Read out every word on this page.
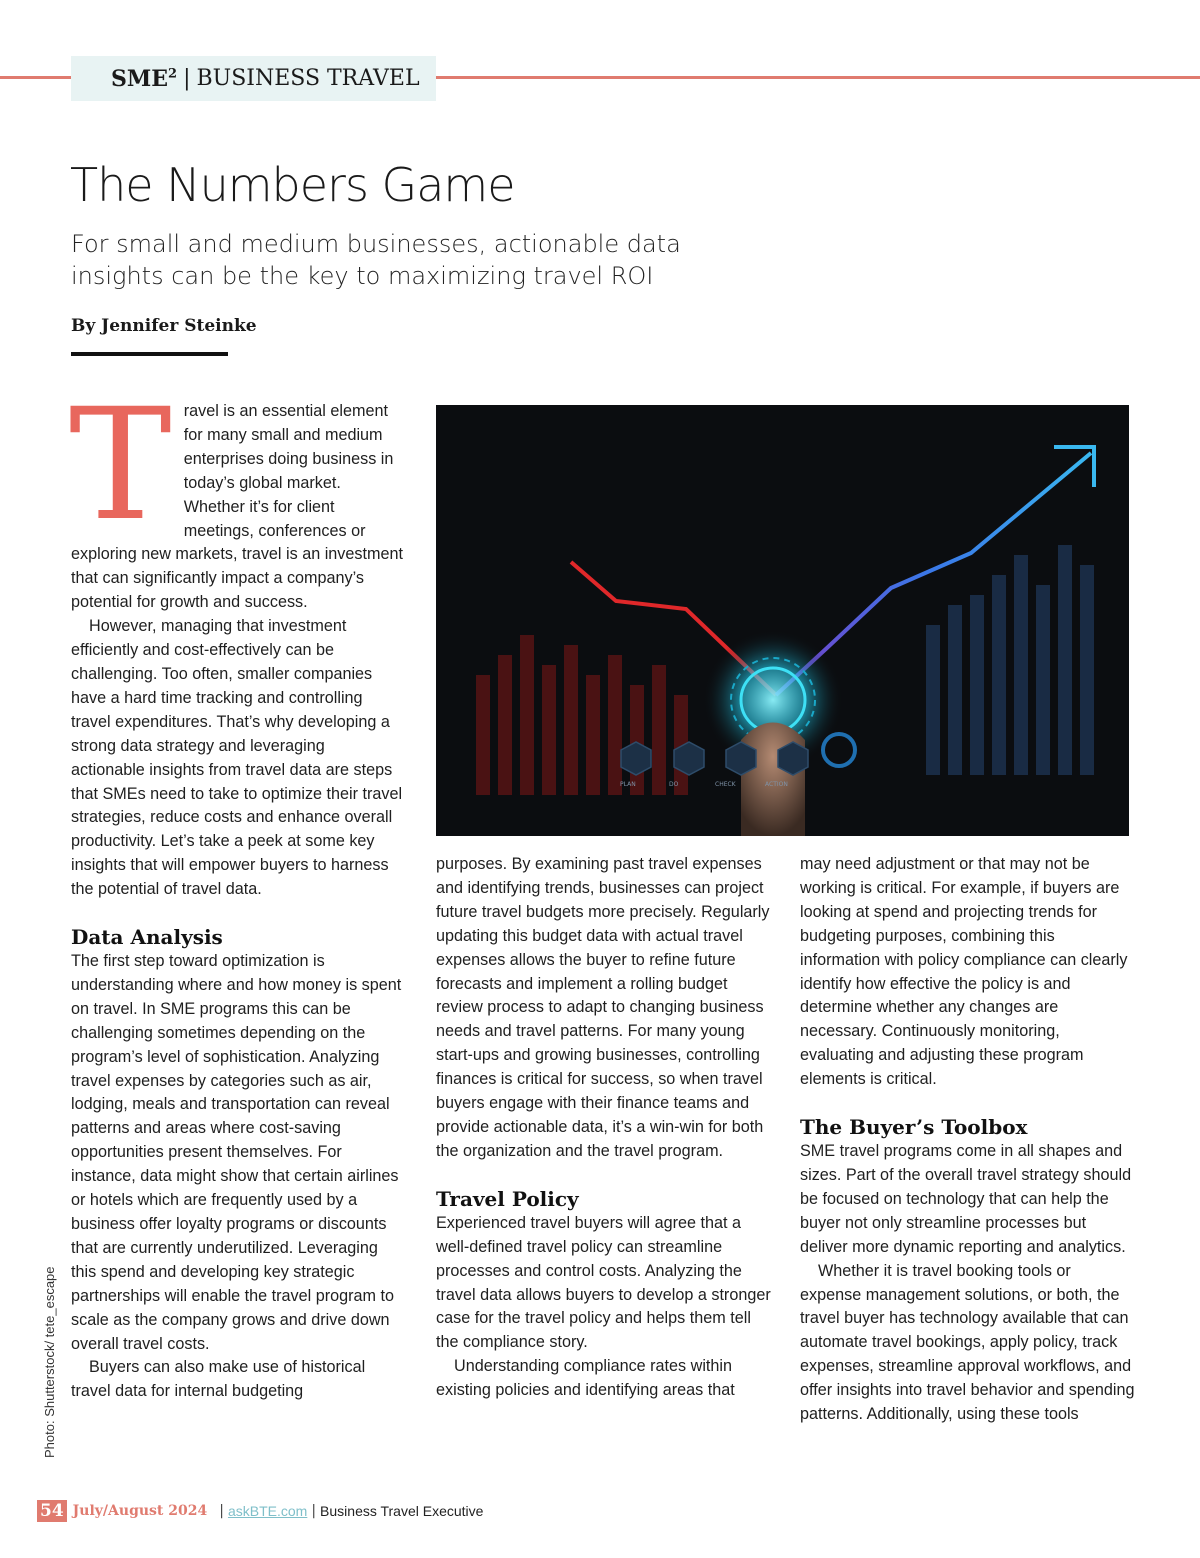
SME$^2$ | BUSINESS TRAVEL
The Numbers Game

For small and medium businesses, actionable data insights can be the key to maximizing travel ROI

By Jennifer Steinke
T ravel is an essential element for many small and medium enterprises doing business in today’s global market. Whether it’s for client meetings, conferences or exploring new markets, travel is an investment that can significantly impact a company’s potential for growth and success.

However, managing that investment efficiently and cost-effectively can be challenging. Too often, smaller companies have a hard time tracking and controlling travel expenditures. That’s why developing a strong data strategy and leveraging actionable insights from travel data are steps that SMEs need to take to optimize their travel strategies, reduce costs and enhance overall productivity. Let’s take a peek at some key insights that will empower buyers to harness the potential of travel data.

Data Analysis

The first step toward optimization is understanding where and how money is spent on travel. In SME programs this can be challenging sometimes depending on the program’s level of sophistication. Analyzing travel expenses by categories such as air, lodging, meals and transportation can reveal patterns and areas where cost-saving opportunities present themselves. For instance, data might show that certain airlines or hotels which are frequently used by a business offer loyalty programs or discounts that are currently underutilized. Leveraging this spend and developing key strategic partnerships will enable the travel program to scale as the company grows and drive down overall travel costs.

Buyers can also make use of historical travel data for internal budgeting

PLAN	DO	CHECK	ACTION

purposes. By examining past travel expenses and identifying trends, businesses can project future travel budgets more precisely. Regularly updating this budget data with actual travel expenses allows the buyer to refine future forecasts and implement a rolling budget review process to adapt to changing business needs and travel patterns. For many young start-ups and growing businesses, controlling finances is critical for success, so when travel buyers engage with their finance teams and provide actionable data, it’s a win-win for both the organization and the travel program.

Travel Policy

Experienced travel buyers will agree that a well-defined travel policy can streamline processes and control costs. Analyzing the travel data allows buyers to develop a stronger case for the travel policy and helps them tell the compliance story.

Understanding compliance rates within existing policies and identifying areas that

may need adjustment or that may not be working is critical. For example, if buyers are looking at spend and projecting trends for budgeting purposes, combining this information with policy compliance can clearly identify how effective the policy is and determine whether any changes are necessary. Continuously monitoring, evaluating and adjusting these program elements is critical.

The Buyer’s Toolbox

SME travel programs come in all shapes and sizes. Part of the overall travel strategy should be focused on technology that can help the buyer not only streamline processes but deliver more dynamic reporting and analytics.

Whether it is travel booking tools or expense management solutions, or both, the travel buyer has technology available that can automate travel bookings, apply policy, track expenses, streamline approval workflows, and offer insights into travel behavior and spending patterns. Additionally, using these tools

Photo: Shutterstock/ tete_escape
54 July/August 2024 | askBTE.com | Business Travel Executive
